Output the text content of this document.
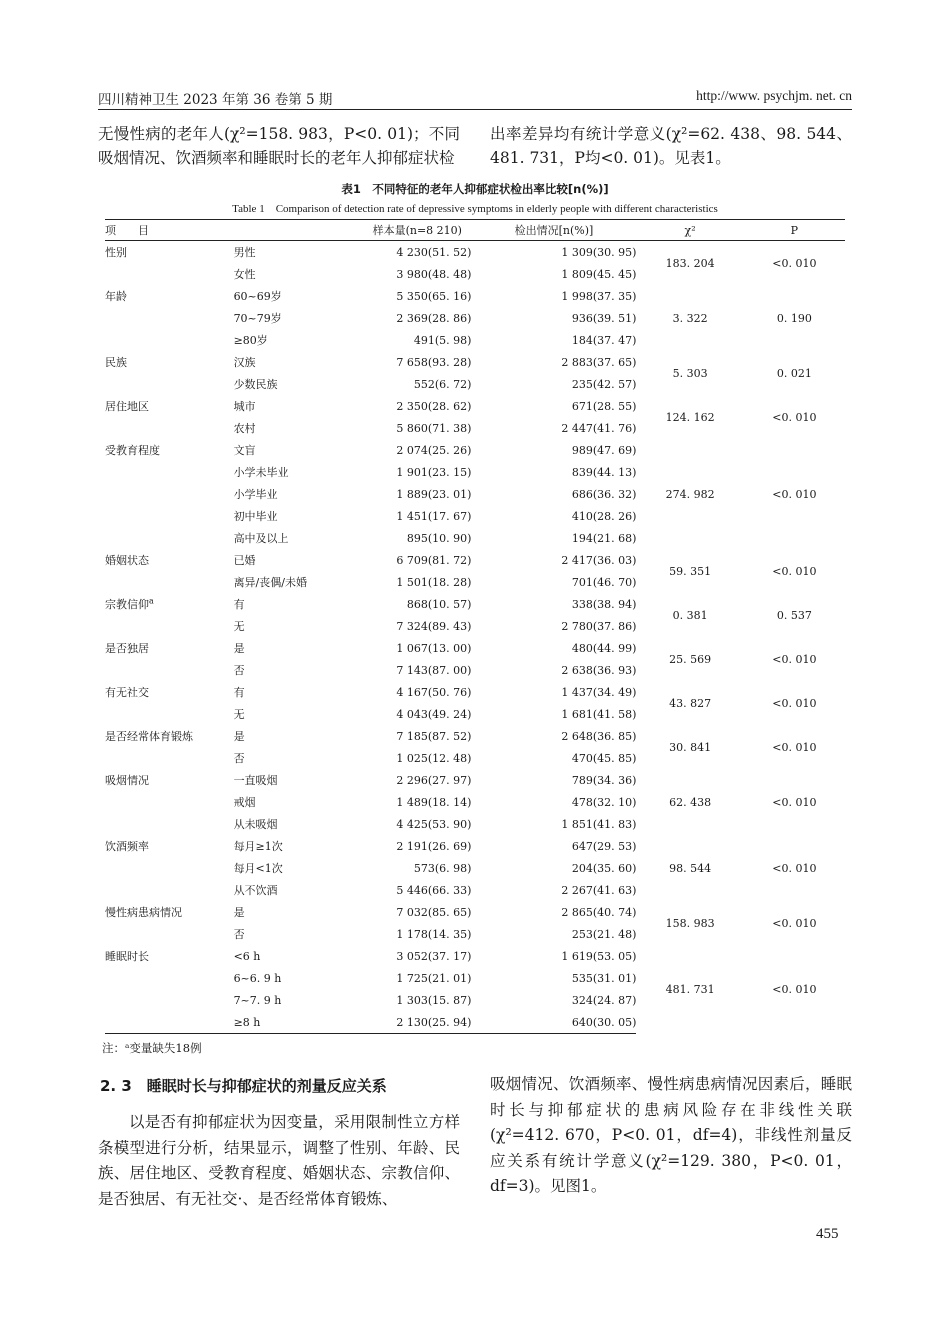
四川精神卫生 2023 年第 36 卷第 5 期	http://www. psychjm. net. cn
无慢性病的老年人(χ²=158. 983，P<0. 01)；不同吸烟情况、饮酒频率和睡眠时长的老年人抑郁症状检
出率差异均有统计学意义(χ²=62. 438、98. 544、481. 731，P均<0. 01)。见表1。
表1　不同特征的老年人抑郁症状检出率比较[n(%)]
Table 1　Comparison of detection rate of depressive symptoms in elderly people with different characteristics
项　　目		样本量(n=8 210)	检出情况[n(%)]	χ²	P
性别	男性	4 230(51. 52)	1 309(30. 95)	183. 204	<0. 010
	女性	3 980(48. 48)	1 809(45. 45)		
年龄	60~69岁	5 350(65. 16)	1 998(37. 35)	3. 322	0. 190
	70~79岁	2 369(28. 86)	936(39. 51)		
	≥80岁	491(5. 98)	184(37. 47)		
民族	汉族	7 658(93. 28)	2 883(37. 65)	5. 303	0. 021
	少数民族	552(6. 72)	235(42. 57)		
居住地区	城市	2 350(28. 62)	671(28. 55)	124. 162	<0. 010
	农村	5 860(71. 38)	2 447(41. 76)		
受教育程度	文盲	2 074(25. 26)	989(47. 69)	274. 982	<0. 010
	小学未毕业	1 901(23. 15)	839(44. 13)		
	小学毕业	1 889(23. 01)	686(36. 32)		
	初中毕业	1 451(17. 67)	410(28. 26)		
	高中及以上	895(10. 90)	194(21. 68)		
婚姻状态	已婚	6 709(81. 72)	2 417(36. 03)	59. 351	<0. 010
	离异/丧偶/未婚	1 501(18. 28)	701(46. 70)		
宗教信仰$^a$	有	868(10. 57)	338(38. 94)	0. 381	0. 537
	无	7 324(89. 43)	2 780(37. 86)		
是否独居	是	1 067(13. 00)	480(44. 99)	25. 569	<0. 010
	否	7 143(87. 00)	2 638(36. 93)		
有无社交	有	4 167(50. 76)	1 437(34. 49)	43. 827	<0. 010
	无	4 043(49. 24)	1 681(41. 58)		
是否经常体育锻炼	是	7 185(87. 52)	2 648(36. 85)	30. 841	<0. 010
	否	1 025(12. 48)	470(45. 85)		
吸烟情况	一直吸烟	2 296(27. 97)	789(34. 36)	62. 438	<0. 010
	戒烟	1 489(18. 14)	478(32. 10)		
	从未吸烟	4 425(53. 90)	1 851(41. 83)		
饮酒频率	每月≥1次	2 191(26. 69)	647(29. 53)	98. 544	<0. 010
	每月<1次	573(6. 98)	204(35. 60)		
	从不饮酒	5 446(66. 33)	2 267(41. 63)		
慢性病患病情况	是	7 032(85. 65)	2 865(40. 74)	158. 983	<0. 010
	否	1 178(14. 35)	253(21. 48)		
睡眠时长	<6 h	3 052(37. 17)	1 619(53. 05)	481. 731	<0. 010
	6~6. 9 h	1 725(21. 01)	535(31. 01)		
	7~7. 9 h	1 303(15. 87)	324(24. 87)		
	≥8 h	2 130(25. 94)	640(30. 05)		
注：ᵃ变量缺失18例
2. 3　睡眠时长与抑郁症状的剂量反应关系
以是否有抑郁症状为因变量，采用限制性立方样条模型进行分析，结果显示，调整了性别、年龄、民族、居住地区、受教育程度、婚姻状态、宗教信仰、是否独居、有无社交·、是否经常体育锻炼、
吸烟情况、饮酒频率、慢性病患病情况因素后，睡眠时长与抑郁症状的患病风险存在非线性关联(χ²=412. 670，P<0. 01，df=4)，非线性剂量反应关系有统计学意义(χ²=129. 380，P<0. 01，df=3)。见图1。
455
